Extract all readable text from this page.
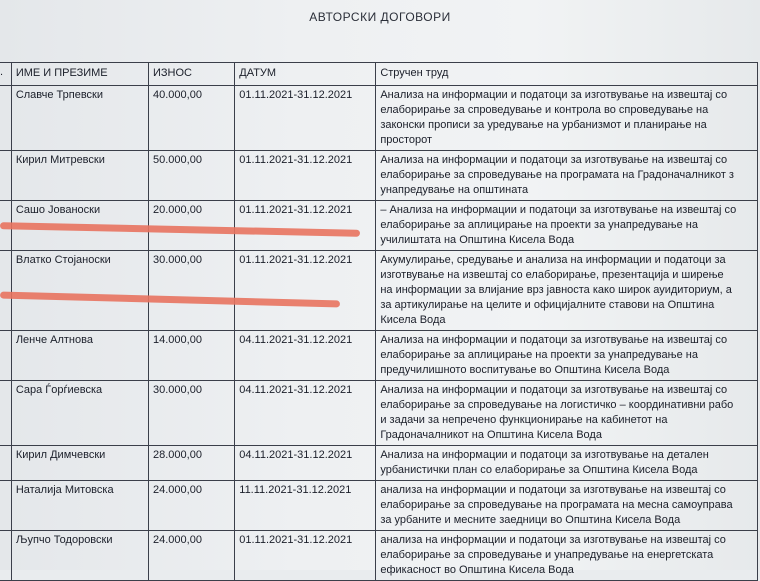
АВТОРСКИ ДОГОВОРИ
.	ИМЕ И ПРЕЗИМЕ	ИЗНОС	ДАТУМ	Стручен труд
	Славче Трпевски	40.000,00	01.11.2021-31.12.2021	Анализа на информации и податоци за изготвување на извештај со
елаборирање за спроведување и контрола во спроведување на
законски прописи за уредување на урбанизмот и планирање на
просторот
	Кирил Митревски	50.000,00	01.11.2021-31.12.2021	Анализа на информации и податоци за изготвување на извештај со
елаборирање за спроведување на програмата на Градоначалникот з
унапредување на општината
	Сашо Јованоски	20.000,00	01.11.2021-31.12.2021	– Анализа на информации и податоци за изготвување на извештај со
елаборирање за аплицирање на проекти за унапредување на
училиштата на Општина Кисела Вода
	Влатко Стојаноски	30.000,00	01.11.2021-31.12.2021	Акумулирање, средување и анализа на информации и податоци за
изготвување на извештај со елаборирање, презентација и ширење
на информации за влијание врз јавноста како широк ауидиториум, а
за артикулирање на целите и официјалните ставови на Општина
Кисела Вода
	Ленче Алтнова	14.000,00	04.11.2021-31.12.2021	Анализа на информации и податоци за изготвување на извештај со
елаборирање за аплицирање на проекти за унапредување на
предучилишното воспитување во Општина Кисела Вода
	Сара Ѓорѓиевска	30.000,00	04.11.2021-31.12.2021	Анализа на информации и податоци за изготвување на извештај со
елаборирање за спроведување на логистичко – координативни рабо
и задачи за непречено функционирање на кабинетот на
Градоначалникот на Општина Кисела Вода
	Кирил Димчевски	28.000,00	04.11.2021-31.12.2021	Анализа на информации и податоци за изготвување на детален
урбанистички план со елаборирање за Општина Кисела Вода
	Наталија Митовска	24.000,00	11.11.2021-31.12.2021	анализа на информации и податоци за изготвување на извештај со
елаборирање за спроведување на програмата на месна самоуправа
за урбаните и месните заедници во Општина Кисела Вода
	Љупчо Тодоровски	24.000,00	01.11.2021-31.12.2021	анализа на информации и податоци за изготвување на извештај со
елаборирање за спроведување и унапредување на енергетската
ефикасност во Општина Кисела Вода
